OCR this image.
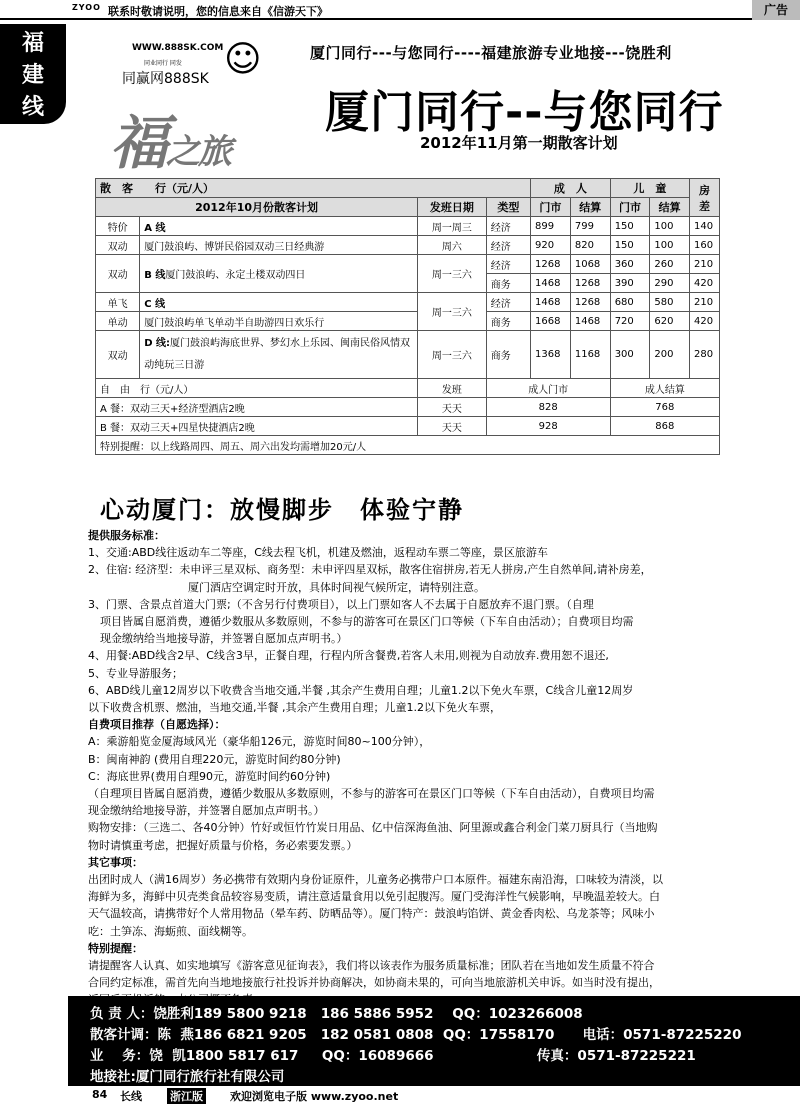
ZYOO 联系时敬请说明，您的信息来自《信游天下》	广告
福建线
WWW.888SK.COM
同业同行 同发
同赢网888SK ☺	厦门同行---与您同行----福建旅游专业地接---饶胜利
福之旅
厦门同行--与您同行
2012年11月第一期散客计划
散　客　　行（元/人）				成　人		儿　童		房差
2012年10月份散客计划		发班日期	类型	门市	结算	门市	结算	
特价	A 线	周一周三	经济	899	799	150	100	140
双动	厦门鼓浪屿、博饼民俗园双动三日经典游	周六	经济	920	820	150	100	160
双动	B 线厦门鼓浪屿、永定土楼双动四日	周一三六	经济	1268	1068	360	260	210
			商务	1468	1268	390	290	420
单飞	C 线	周一三六	经济	1468	1268	680	580	210
单动	厦门鼓浪屿单飞单动半自助游四日欢乐行		商务	1668	1468	720	620	420
双动	D 线:厦门鼓浪屿海底世界、梦幻水上乐园、闽南民俗风情双动纯玩三日游	周一三六	商务	1368	1168	300	200	280
自　由　行（元/人）		发班	成人门市			成人结算		
A 餐：双动三天+经济型酒店2晚		天天	828			768		
B 餐：双动三天+四星快捷酒店2晚		天天	928			868		
特别提醒：以上线路周四、周五、周六出发均需增加20元/人								
心动厦门：放慢脚步　体验宁静
提供服务标准：
1、交通:ABD线往返动车二等座，C线去程飞机，机建及燃油，返程动车票二等座，景区旅游车
2、住宿: 经济型：未申评三星双标、商务型：未申评四星双标，散客住宿拼房,若无人拼房,产生自然单间,请补房差，
厦门酒店空调定时开放，具体时间视气候所定，请特别注意。
3、门票、含景点首道大门票;（不含另行付费项目），以上门票如客人不去属于自愿放弃不退门票。（自理
项目皆属自愿消费，遵循少数服从多数原则，不参与的游客可在景区门口等候（下车自由活动）；自费项目均需
现金缴纳给当地接导游，并签署自愿加点声明书。）
4、用餐:ABD线含2早、C线含3早，正餐自理，行程内所含餐费,若客人未用,则视为自动放弃.费用恕不退还,
5、专业导游服务；
6、ABD线儿童12周岁以下收费含当地交通,半餐 ,其余产生费用自理；儿童1.2以下免火车票，C线含儿童12周岁
以下收费含机票、燃油，当地交通,半餐 ,其余产生费用自理；儿童1.2以下免火车票，
自费项目推荐（自愿选择）：
A：乘游船览金厦海域风光（豪华船126元，游览时间80~100分钟），
B：闽南神韵 (费用自理220元，游览时间约80分钟)
C：海底世界(费用自理90元，游览时间约60分钟)
（自理项目皆属自愿消费，遵循少数服从多数原则，不参与的游客可在景区门口等候（下车自由活动），自费项目均需
现金缴纳给地接导游，并签署自愿加点声明书。）
购物安排：（三选二、各40分钟）竹好或恒竹竹炭日用品、亿中信深海鱼油、阿里源或鑫合利金门菜刀厨具行（当地购
物时请慎重考虑，把握好质量与价格，务必索要发票。）
其它事项：
出团时成人（满16周岁）务必携带有效期内身份证原件，儿童务必携带户口本原件。福建东南沿海，口味较为清淡，以
海鲜为多，海鲜中贝壳类食品较容易变质，请注意适量食用以免引起腹泻。厦门受海洋性气候影响，早晚温差较大。白
天气温较高，请携带好个人常用物品（晕车药、防晒品等）。厦门特产：鼓浪屿馅饼、黄金香肉松、乌龙茶等；风味小
吃：土笋冻、海蛎煎、面线糊等。
特别提醒：
请提醒客人认真、如实地填写《游客意见征询表》，我们将以该表作为服务质量标准；团队若在当地如发生质量不符合
合同约定标准，需首先向当地地接旅行社投诉并协商解决，如协商未果的，可向当地旅游机关申诉。如当时没有提出，
负 责 人：饶胜利189 5800 9218   186 5886 5952    QQ：1023266008
散客计调：陈  燕186 6821 9205   182 0581 0808  QQ：17558170      电话：0571-87225220
业    务：饶  凯1800 5817 617     QQ：16089666                      传真：0571-87225221
地接社:厦门同行旅行社有限公司
84 长线	浙江版 欢迎浏览电子版 www.zyoo.net
